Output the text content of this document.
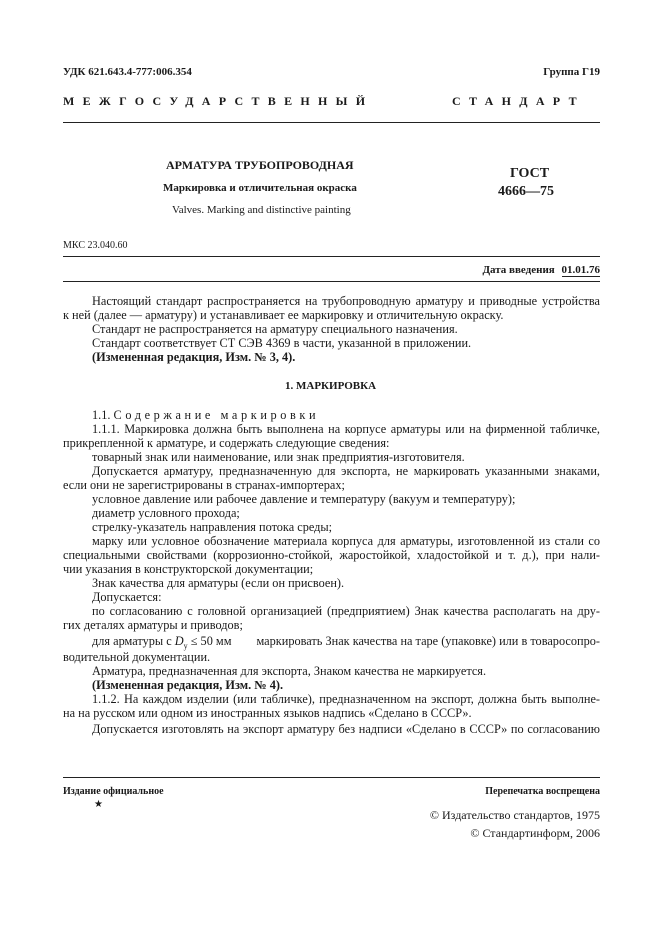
УДК 621.643.4-777:006.354	Группа Г19
МЕЖГОСУДАРСТВЕННЫЙ	СТАНДАРТ
АРМАТУРА ТРУБОПРОВОДНАЯ
Маркировка и отличительная окраска
Valves. Marking and distinctive painting
ГОСТ
4666—75
МКС 23.040.60
Дата введения 01.01.76
Настоящий стандарт распространяется на трубопроводную арматуру и приводные устройства
к ней (далее — арматуру) и устанавливает ее маркировку и отличительную окраску.
Стандарт не распространяется на арматуру специального назначения.
Стандарт соответствует СТ СЭВ 4369 в части, указанной в приложении.
(Измененная редакция, Изм. № 3, 4).
1. МАРКИРОВКА
1.1. Содержание маркировки
1.1.1. Маркировка должна быть выполнена на корпусе арматуры или на фирменной табличке,
прикрепленной к арматуре, и содержать следующие сведения:
товарный знак или наименование, или знак предприятия-изготовителя.
Допускается арматуру, предназначенную для экспорта, не маркировать указанными знаками,
если они не зарегистрированы в странах-импортерах;
условное давление или рабочее давление и температуру (вакуум и температуру);
диаметр условного прохода;
стрелку-указатель направления потока среды;
марку или условное обозначение материала корпуса для арматуры, изготовленной из стали со
специальными свойствами (коррозионно-стойкой, жаростойкой, хладостойкой и т. д.), при нали-
чии указания в конструкторской документации;
Знак качества для арматуры (если он присвоен).
Допускается:
по согласованию с головной организацией (предприятием) Знак качества располагать на дру-
гих деталях арматуры и приводов;
для арматуры с $D_у \le 50$ мм маркировать Знак качества на таре (упаковке) или в товаросопро-
водительной документации.
Арматура, предназначенная для экспорта, Знаком качества не маркируется.
(Измененная редакция, Изм. № 4).
1.1.2. На каждом изделии (или табличке), предназначенном на экспорт, должна быть выполне-
на на русском или одном из иностранных языков надпись «Сделано в СССР».
Допускается изготовлять на экспорт арматуру без надписи «Сделано в СССР» по согласованию
Издание официальное	Перепечатка воспрещена
★
© Издательство стандартов, 1975
© Стандартинформ, 2006
